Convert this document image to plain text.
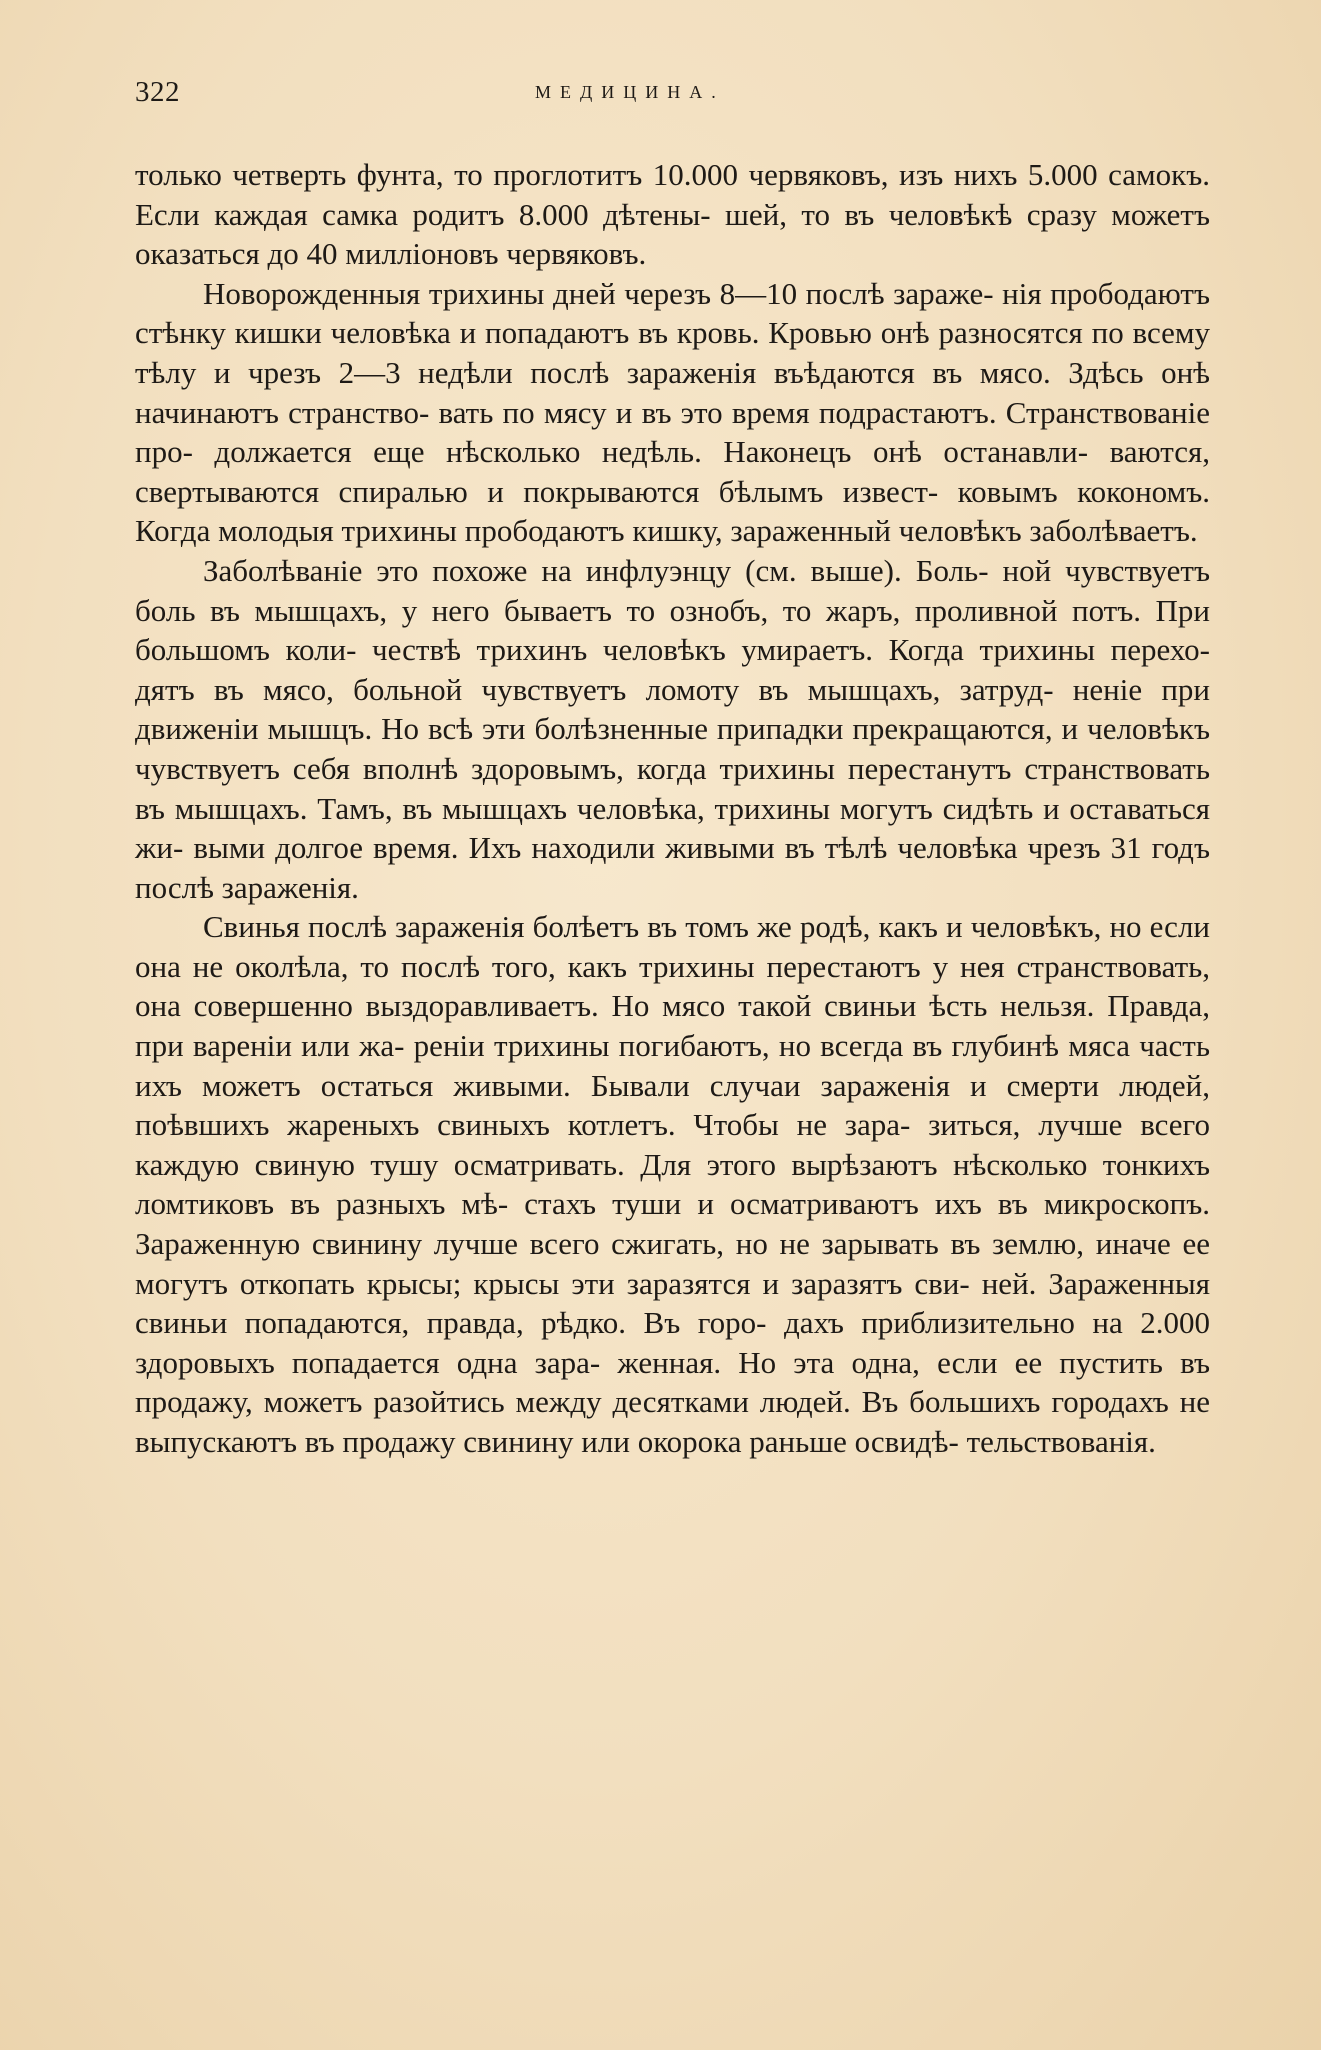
322	МЕДИЦИНА.

только четверть фунта, то проглотитъ 10.000 червяковъ, изъ нихъ 5.000 самокъ. Если каждая самка родитъ 8.000 дѣтены- шей, то въ человѣкѣ сразу можетъ оказаться до 40 милліоновъ червяковъ.

Новорожденныя трихины дней черезъ 8—10 послѣ зараже- нія прободаютъ стѣнку кишки человѣка и попадаютъ въ кровь. Кровью онѣ разносятся по всему тѣлу и чрезъ 2—3 недѣли послѣ зараженія въѣдаются въ мясо. Здѣсь онѣ начинаютъ странство- вать по мясу и въ это время подрастаютъ. Странствованіе про- должается еще нѣсколько недѣль. Наконецъ онѣ останавли- ваются, свертываются спиралью и покрываются бѣлымъ извест- ковымъ кокономъ. Когда молодыя трихины прободаютъ кишку, зараженный человѣкъ заболѣваетъ.

Заболѣваніе это похоже на инфлуэнцу (см. выше). Боль- ной чувствуетъ боль въ мышцахъ, у него бываетъ то ознобъ, то жаръ, проливной потъ. При большомъ коли- чествѣ трихинъ человѣкъ умираетъ. Когда трихины перехо- дятъ въ мясо, больной чувствуетъ ломоту въ мышцахъ, затруд- неніе при движеніи мышцъ. Но всѣ эти болѣзненные припадки прекращаются, и человѣкъ чувствуетъ себя вполнѣ здоровымъ, когда трихины перестанутъ странствовать въ мышцахъ. Тамъ, въ мышцахъ человѣка, трихины могутъ сидѣть и оставаться жи- выми долгое время. Ихъ находили живыми въ тѣлѣ человѣка чрезъ 31 годъ послѣ зараженія.

Свинья послѣ зараженія болѣетъ въ томъ же родѣ, какъ и человѣкъ, но если она не околѣла, то послѣ того, какъ трихины перестаютъ у нея странствовать, она совершенно выздоравливаетъ. Но мясо такой свиньи ѣсть нельзя. Правда, при вареніи или жа- реніи трихины погибаютъ, но всегда въ глубинѣ мяса часть ихъ можетъ остаться живыми. Бывали случаи зараженія и смерти людей, поѣвшихъ жареныхъ свиныхъ котлетъ. Чтобы не зара- зиться, лучше всего каждую свиную тушу осматривать. Для этого вырѣзаютъ нѣсколько тонкихъ ломтиковъ въ разныхъ мѣ- стахъ туши и осматриваютъ ихъ въ микроскопъ. Зараженную свинину лучше всего сжигать, но не зарывать въ землю, иначе ее могутъ откопать крысы; крысы эти заразятся и заразятъ сви- ней. Зараженныя свиньи попадаются, правда, рѣдко. Въ горо- дахъ приблизительно на 2.000 здоровыхъ попадается одна зара- женная. Но эта одна, если ее пустить въ продажу, можетъ разойтись между десятками людей. Въ большихъ городахъ не выпускаютъ въ продажу свинину или окорока раньше освидѣ- тельствованія.
